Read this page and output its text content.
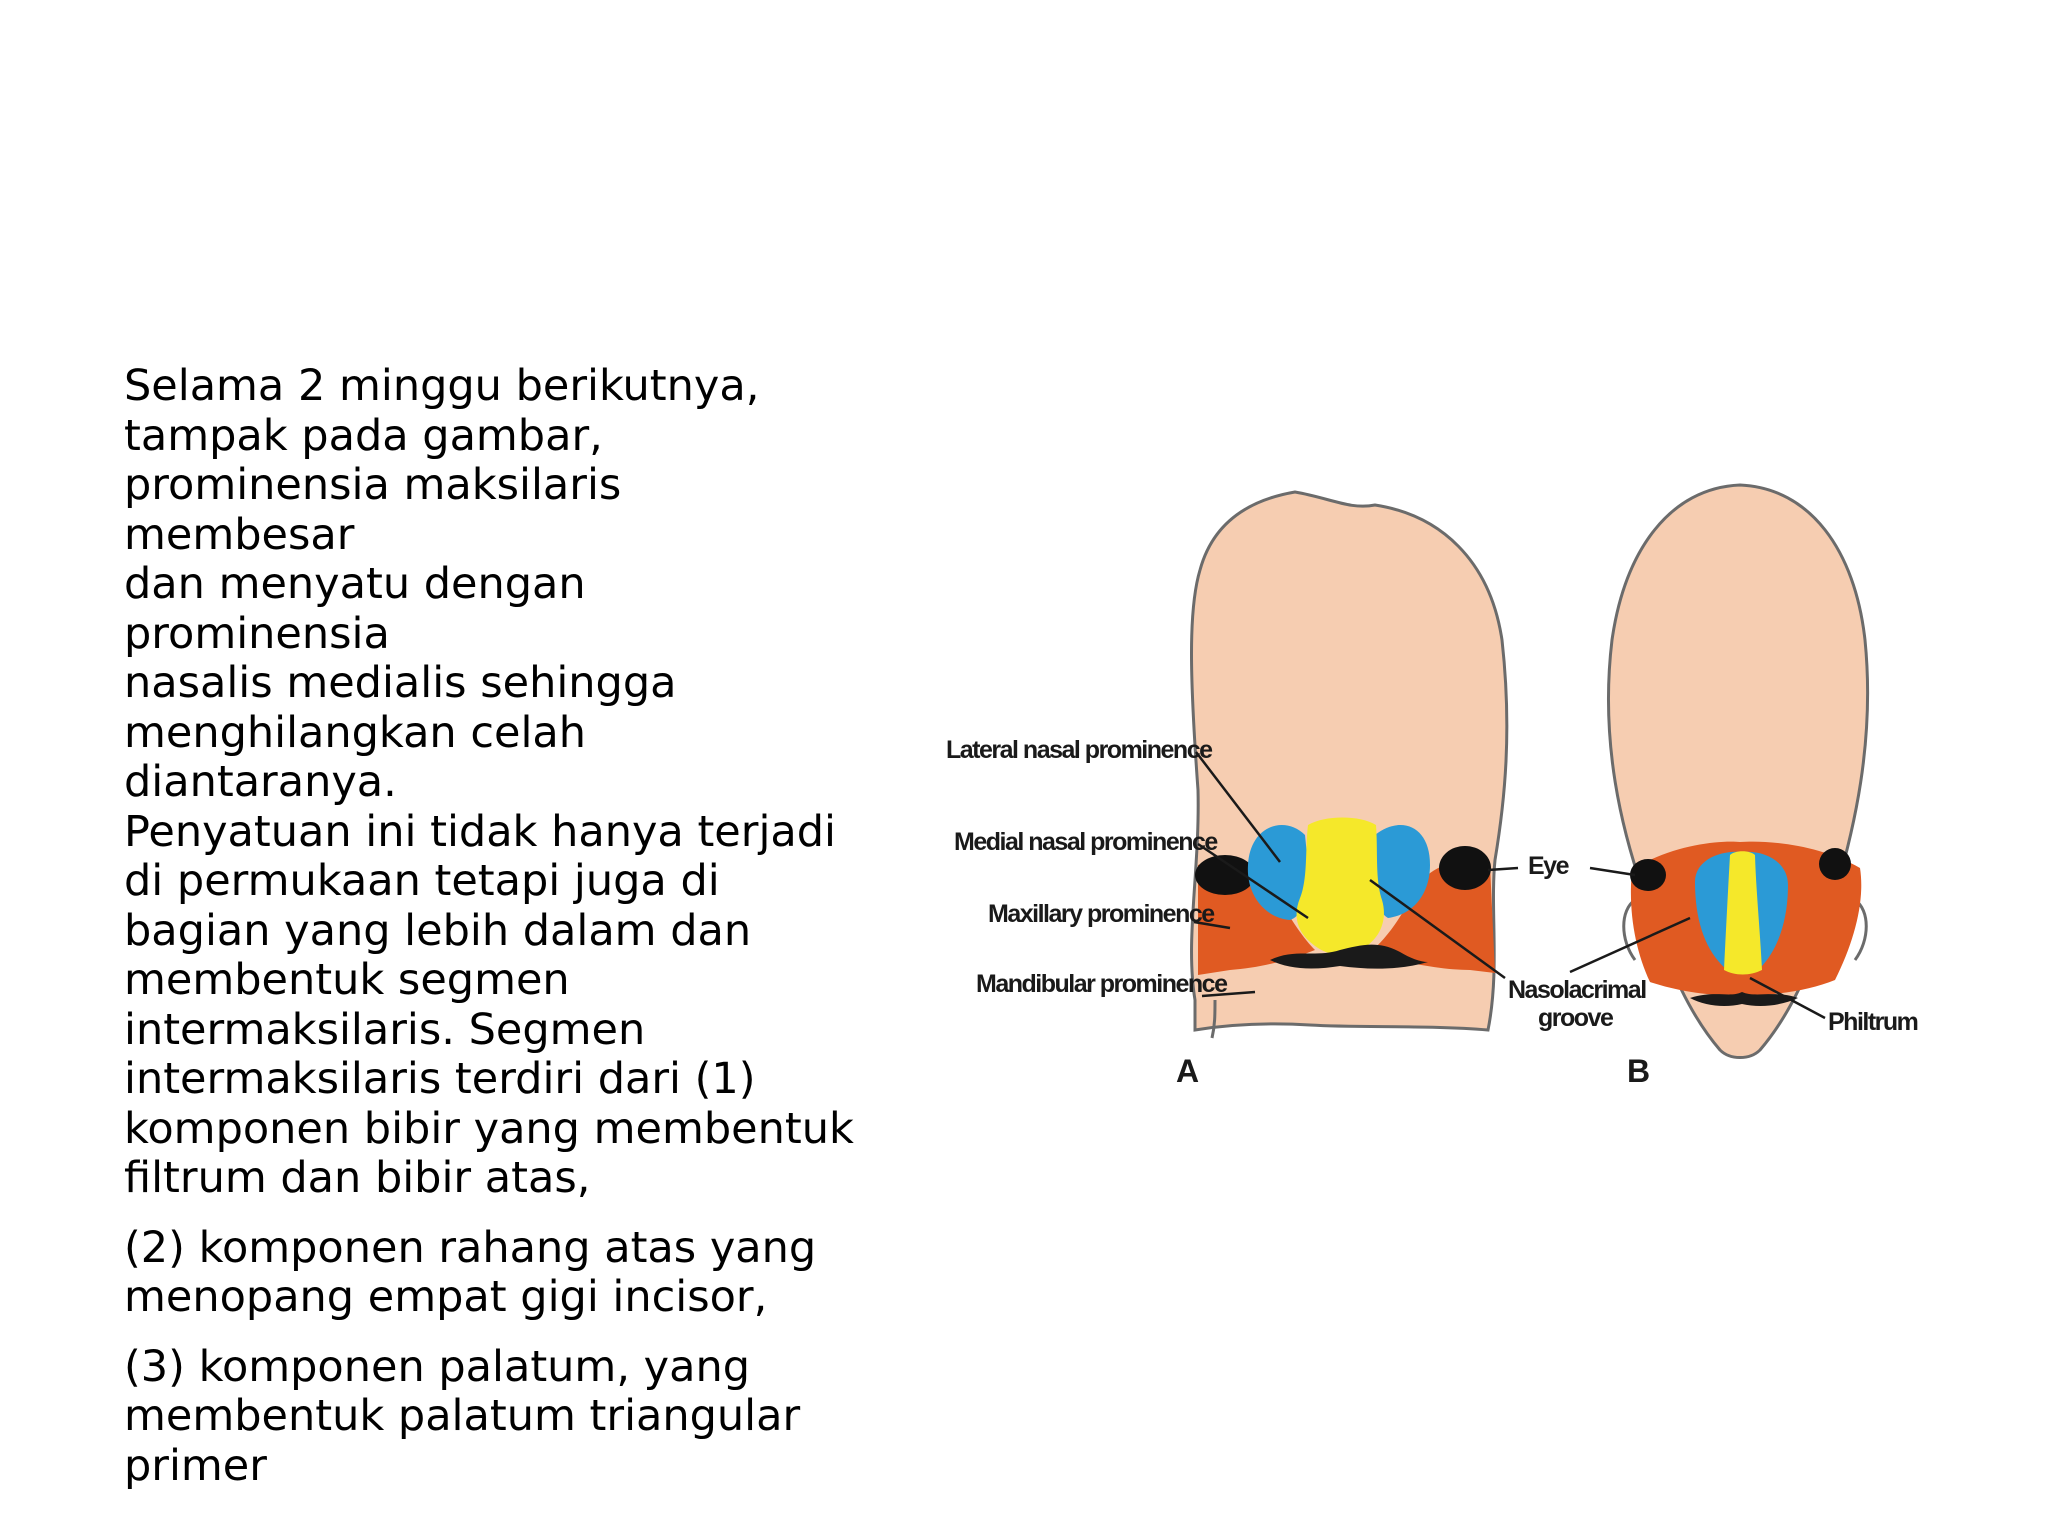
Selama 2 minggu berikutnya,
tampak pada gambar,
prominensia maksilaris membesar
dan menyatu dengan prominensia
nasalis medialis sehingga
menghilangkan celah diantaranya.
Penyatuan ini tidak hanya terjadi
di permukaan tetapi juga di
bagian yang lebih dalam dan
membentuk segmen
intermaksilaris. Segmen
intermaksilaris terdiri dari (1)
komponen bibir yang membentuk
filtrum dan bibir atas,

(2) komponen rahang atas yang
menopang empat gigi incisor,

(3) komponen palatum, yang
membentuk palatum triangular
primer

Lateral nasal prominence
Medial nasal prominence
Maxillary prominence
Mandibular prominence
Eye
Nasolacrimal
groove	Philtrum
A	B
